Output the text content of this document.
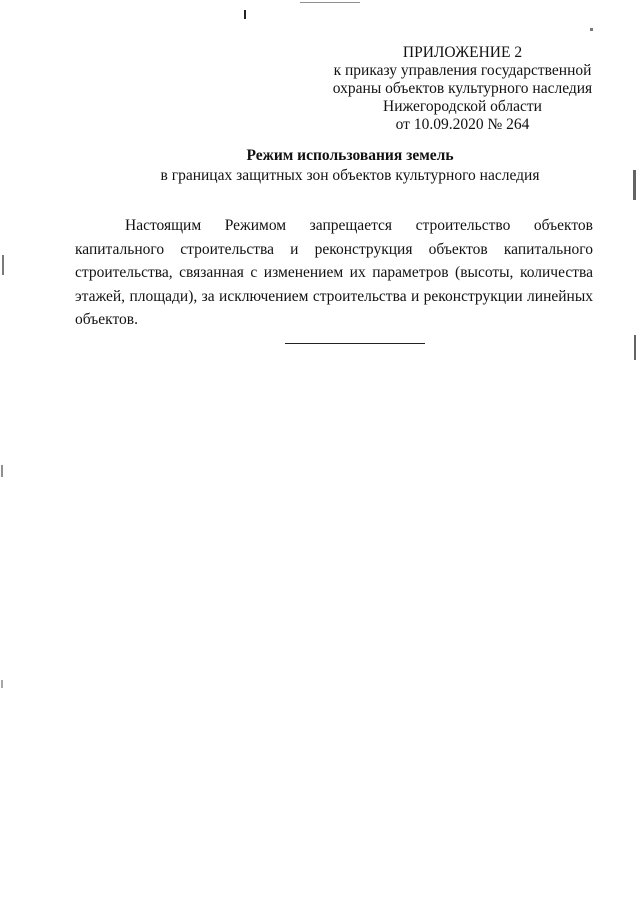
ПРИЛОЖЕНИЕ 2
к приказу управления государственной
охраны объектов культурного наследия
Нижегородской области
от 10.09.2020 № 264
Режим использования земель
в границах защитных зон объектов культурного наследия

Настоящим Режимом запрещается строительство объектов капитального строительства и реконструкция объектов капитального строительства, связанная с изменением их параметров (высоты, количества этажей, площади), за исключением строительства и реконструкции линейных объектов.
